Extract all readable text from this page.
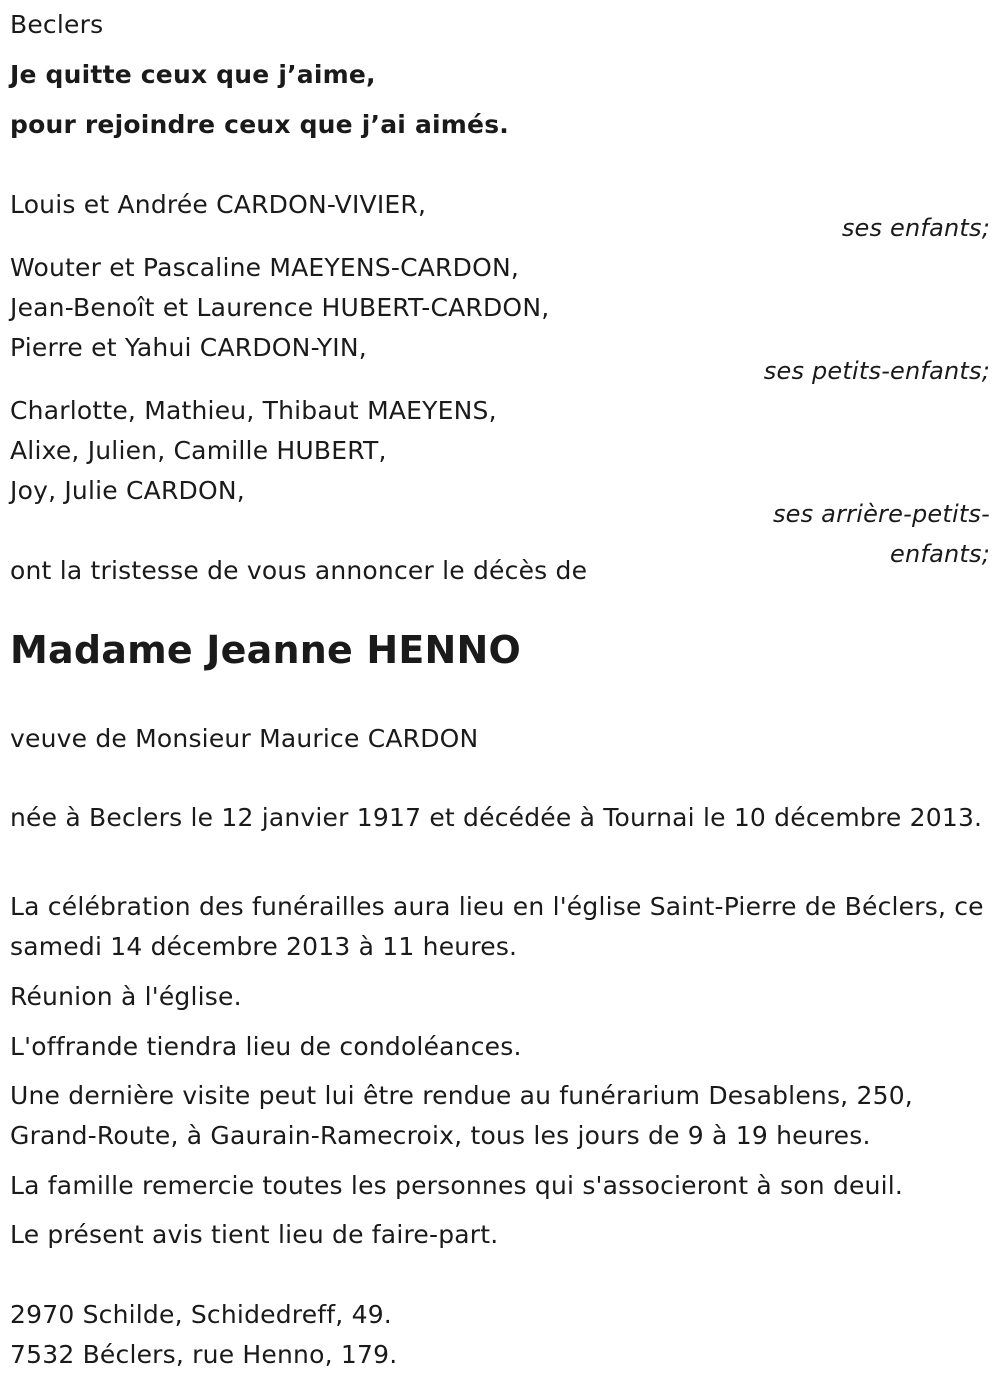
Beclers
Je quitte ceux que j’aime,
pour rejoindre ceux que j’ai aimés.
Louis et Andrée CARDON-VIVIER,
ses enfants;
Wouter et Pascaline MAEYENS-CARDON,
Jean-Benoît et Laurence HUBERT-CARDON,
Pierre et Yahui CARDON-YIN,
ses petits-enfants;
Charlotte, Mathieu, Thibaut MAEYENS,
Alixe, Julien, Camille HUBERT,
Joy, Julie CARDON,
ses arrière-petits-
enfants;
ont la tristesse de vous annoncer le décès de
Madame Jeanne HENNO
veuve de Monsieur Maurice CARDON

née à Beclers le 12 janvier 1917 et décédée à Tournai le 10 décembre 2013.

La célébration des funérailles aura lieu en l'église Saint-Pierre de Béclers, ce samedi 14 décembre 2013 à 11 heures.

Réunion à l'église.

L'offrande tiendra lieu de condoléances.

Une dernière visite peut lui être rendue au funérarium Desablens, 250, Grand-Route, à Gaurain-Ramecroix, tous les jours de 9 à 19 heures.

La famille remercie toutes les personnes qui s'associeront à son deuil.

Le présent avis tient lieu de faire-part.

2970 Schilde, Schidedreff, 49.
7532 Béclers, rue Henno, 179.
